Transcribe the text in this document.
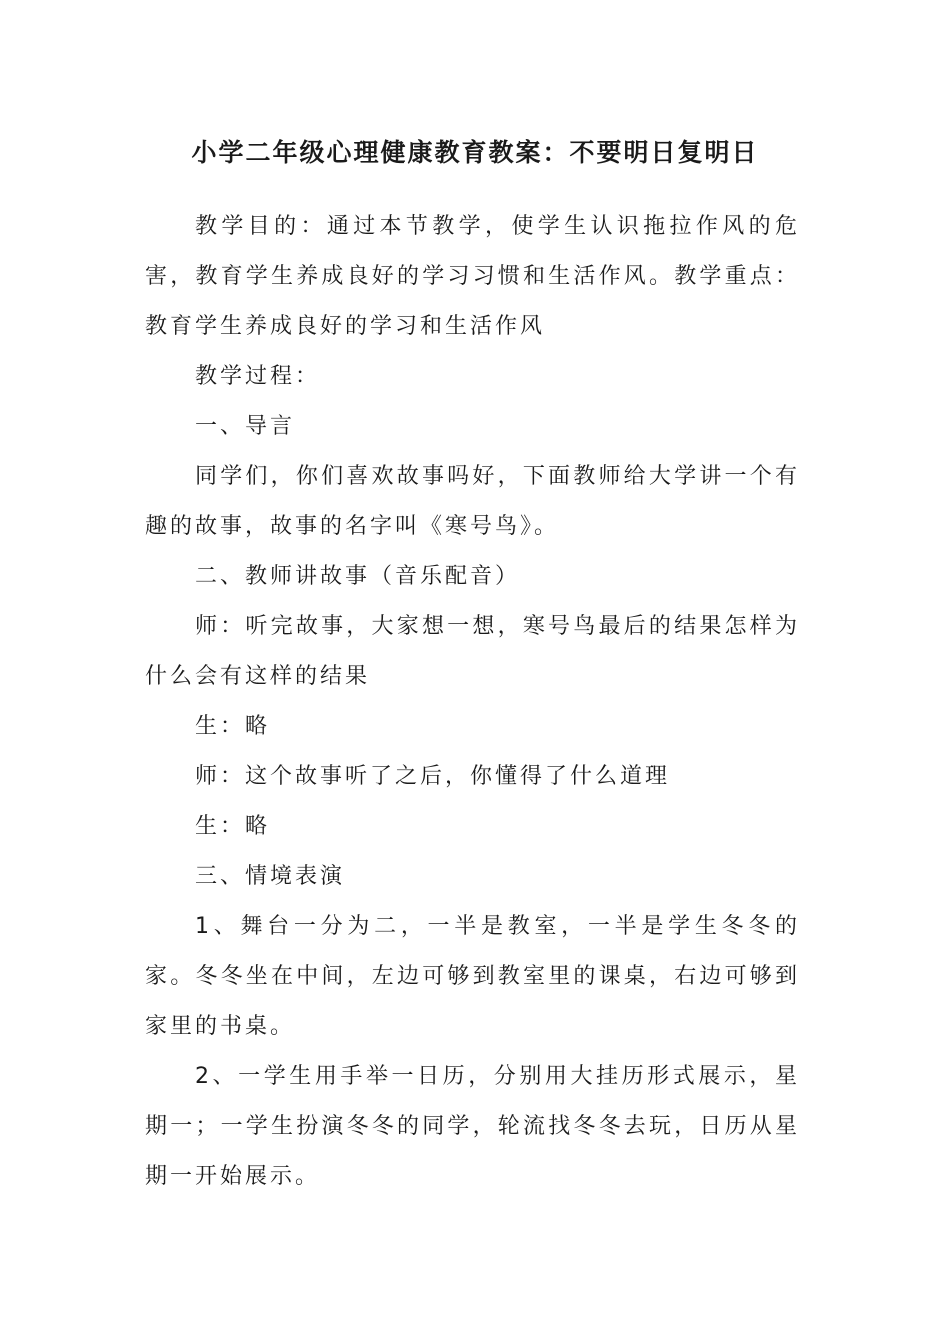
小学二年级心理健康教育教案：不要明日复明日

教学目的：通过本节教学，使学生认识拖拉作风的危害，教育学生养成良好的学习习惯和生活作风。教学重点：教育学生养成良好的学习和生活作风

教学过程：

一、导言

同学们，你们喜欢故事吗好，下面教师给大学讲一个有趣的故事，故事的名字叫《寒号鸟》。

二、教师讲故事（音乐配音）

师：听完故事，大家想一想，寒号鸟最后的结果怎样为什么会有这样的结果

生：略

师：这个故事听了之后，你懂得了什么道理

生：略

三、情境表演

1、舞台一分为二，一半是教室，一半是学生冬冬的家。冬冬坐在中间，左边可够到教室里的课桌，右边可够到家里的书桌。

2、一学生用手举一日历，分别用大挂历形式展示，星期一；一学生扮演冬冬的同学，轮流找冬冬去玩，日历从星期一开始展示。
